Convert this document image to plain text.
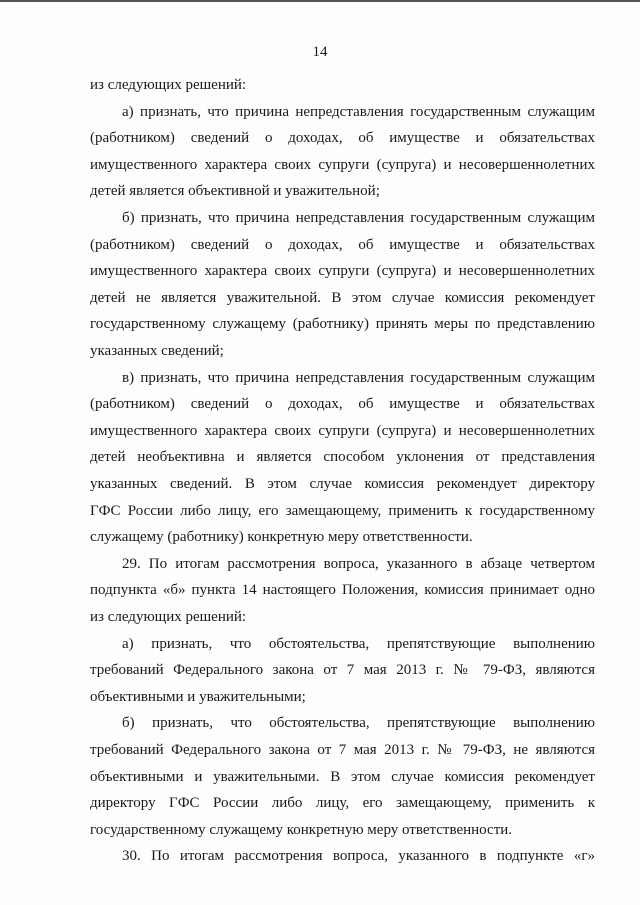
14
из следующих решений:
а) признать, что причина непредставления государственным служащим
(работником) сведений о доходах, об имуществе и обязательствах
имущественного характера своих супруги (супруга) и несовершеннолетних
детей является объективной и уважительной;
б) признать, что причина непредставления государственным служащим
(работником) сведений о доходах, об имуществе и обязательствах
имущественного характера своих супруги (супруга) и несовершеннолетних
детей не является уважительной. В этом случае комиссия рекомендует
государственному служащему (работнику) принять меры по представлению
указанных сведений;
в) признать, что причина непредставления государственным служащим
(работником) сведений о доходах, об имуществе и обязательствах
имущественного характера своих супруги (супруга) и несовершеннолетних
детей необъективна и является способом уклонения от представления
указанных сведений. В этом случае комиссия рекомендует директору
ГФС России либо лицу, его замещающему, применить к государственному
служащему (работнику) конкретную меру ответственности.
29. По итогам рассмотрения вопроса, указанного в абзаце четвертом
подпункта «б» пункта 14 настоящего Положения, комиссия принимает одно
из следующих решений:
а) признать, что обстоятельства, препятствующие выполнению
требований Федерального закона от 7 мая 2013 г. № 79-ФЗ, являются
объективными и уважительными;
б) признать, что обстоятельства, препятствующие выполнению
требований Федерального закона от 7 мая 2013 г. № 79-ФЗ, не являются
объективными и уважительными. В этом случае комиссия рекомендует
директору ГФС России либо лицу, его замещающему, применить к
государственному служащему конкретную меру ответственности.
30. По итогам рассмотрения вопроса, указанного в подпункте «г»
